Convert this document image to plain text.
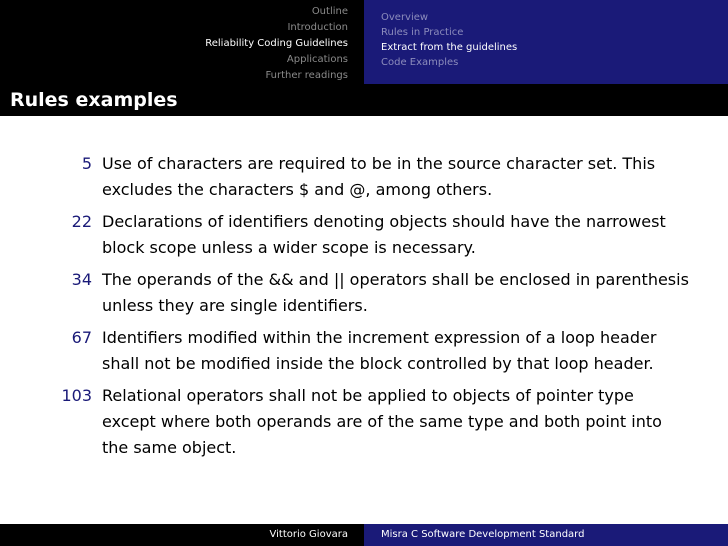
Outline
Introduction
Reliability Coding Guidelines
Applications
Further readings
Overview
Rules in Practice
Extract from the guidelines
Code Examples
Rules examples
5 Use of characters are required to be in the source character set. This excludes the characters $ and @, among others.
22 Declarations of identifiers denoting objects should have the narrowest block scope unless a wider scope is necessary.
34 The operands of the && and || operators shall be enclosed in parenthesis unless they are single identifiers.
67 Identifiers modified within the increment expression of a loop header shall not be modified inside the block controlled by that loop header.
103 Relational operators shall not be applied to objects of pointer type except where both operands are of the same type and both point into the same object.
Vittorio Giovara	Misra C Software Development Standard
